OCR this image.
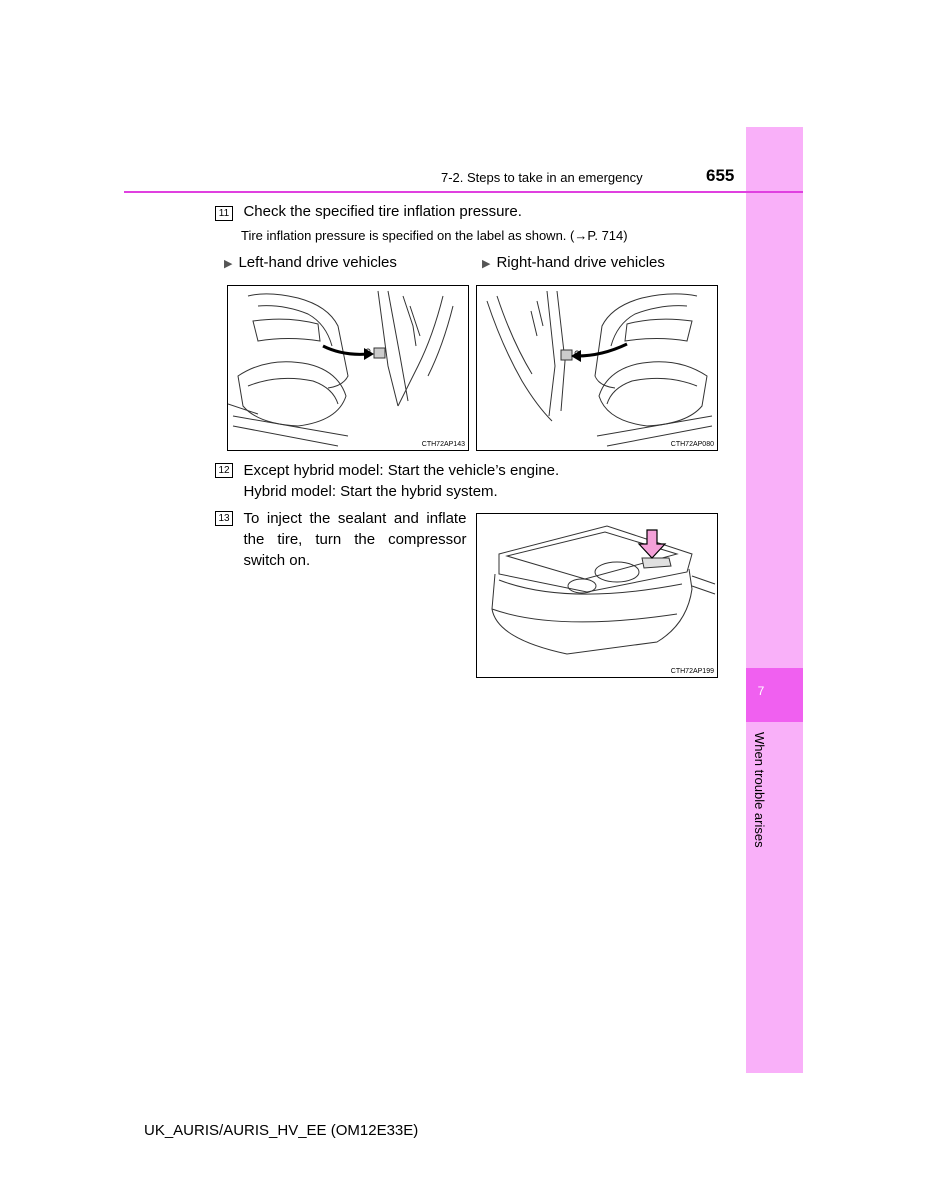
7
When trouble arises
7-2. Steps to take in an emergency	655
11 Check the specified tire inflation pressure.
Tire inflation pressure is specified on the label as shown. (→P. 714)
▶ Left-hand drive vehicles	▶ Right-hand drive vehicles
CTH72AP143	CTH72AP080
12 Except hybrid model: Start the vehicle’s engine.
Hybrid model: Start the hybrid system.
13 To inject the sealant and inflate
the tire, turn the compressor
switch on.
CTH72AP199
UK_AURIS/AURIS_HV_EE (OM12E33E)
